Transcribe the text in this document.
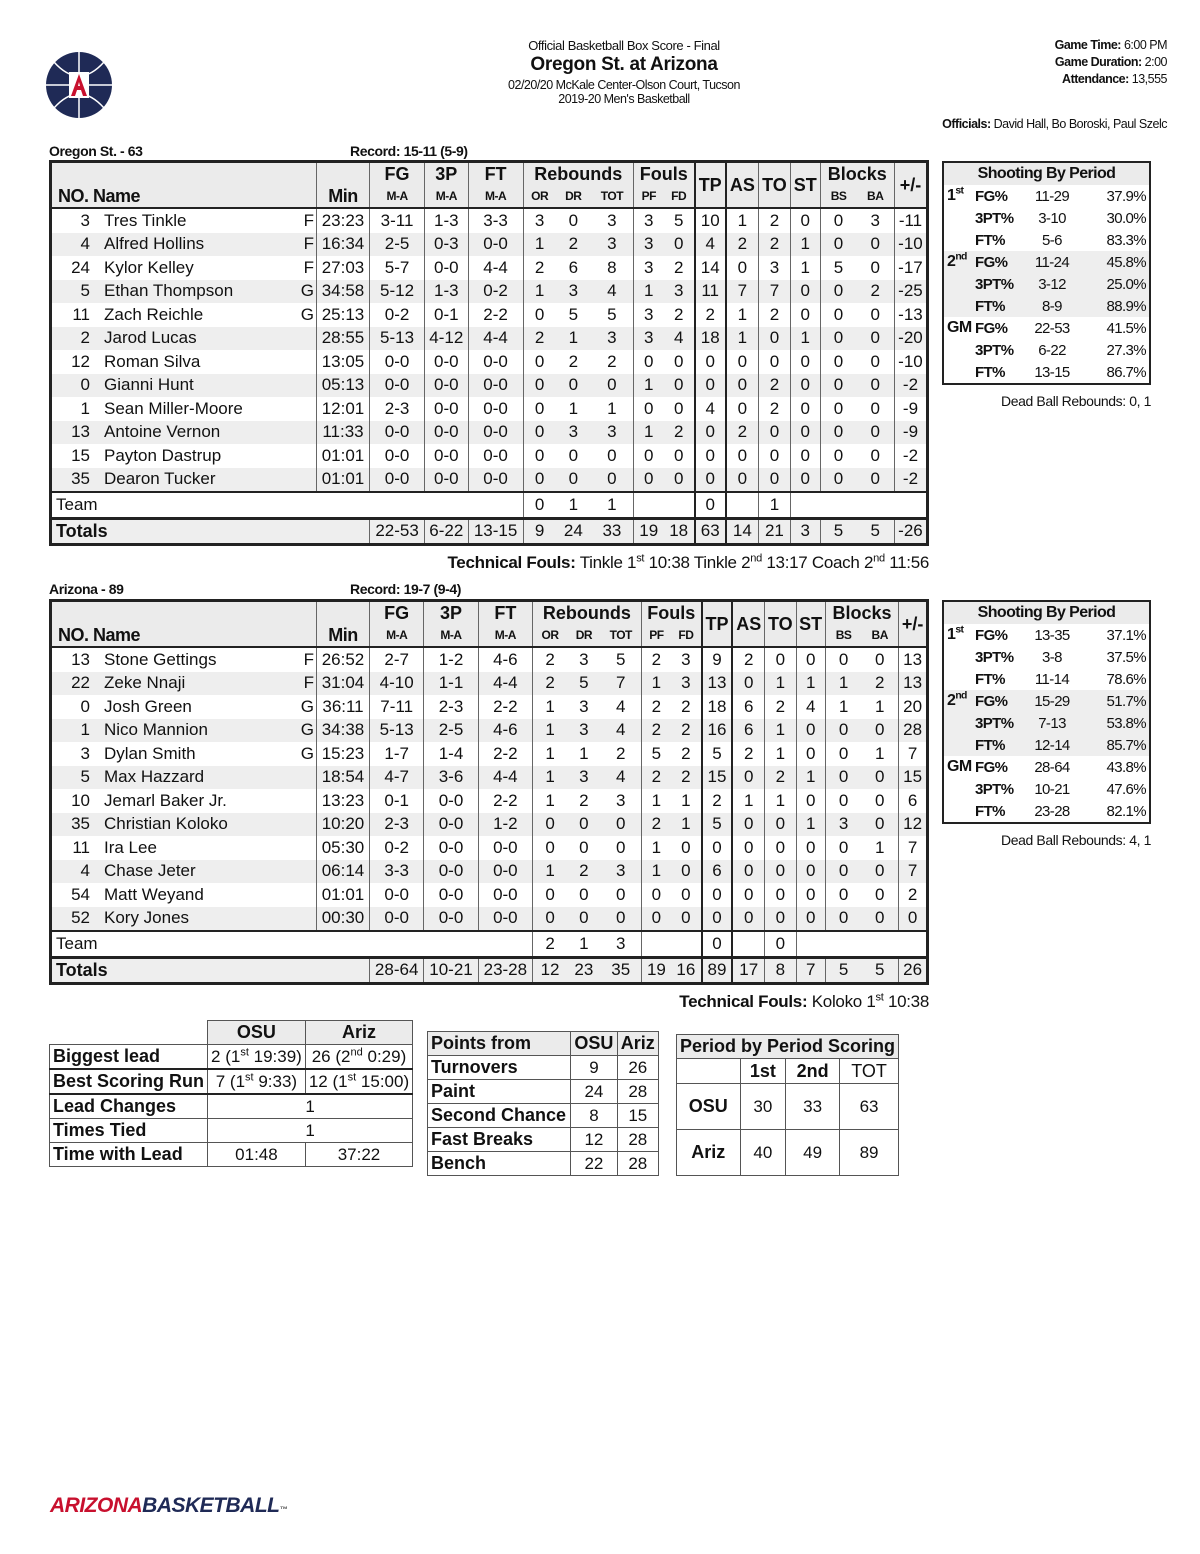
Official Basketball Box Score - Final
Oregon St. at Arizona
02/20/20 McKale Center-Olson Court, Tucson
2019-20 Men's Basketball
Game Time: 6:00 PM
Game Duration: 2:00
Attendance: 13,555
Officials: David Hall, Bo Boroski, Paul Szelc
Oregon St. - 63	Record: 15-11 (5-9)
				FG	3P	FT	Rebounds			Fouls		TP	AS	TO	ST	Blocks		+/-
NO. Name			Min	M-A	M-A	M-A	OR	DR	TOT	PF	FD					BS	BA	
3	Tres Tinkle	F	23:23	3-11	1-3	3-3	3	0	3	3	5	10	1	2	0	0	3	-11
4	Alfred Hollins	F	16:34	2-5	0-3	0-0	1	2	3	3	0	4	2	2	1	0	0	-10
24	Kylor Kelley	F	27:03	5-7	0-0	4-4	2	6	8	3	2	14	0	3	1	5	0	-17
5	Ethan Thompson	G	34:58	5-12	1-3	0-2	1	3	4	1	3	11	7	7	0	0	2	-25
11	Zach Reichle	G	25:13	0-2	0-1	2-2	0	5	5	3	2	2	1	2	0	0	0	-13
2	Jarod Lucas		28:55	5-13	4-12	4-4	2	1	3	3	4	18	1	0	1	0	0	-20
12	Roman Silva		13:05	0-0	0-0	0-0	0	2	2	0	0	0	0	0	0	0	0	-10
0	Gianni Hunt		05:13	0-0	0-0	0-0	0	0	0	1	0	0	0	2	0	0	0	-2
1	Sean Miller-Moore		12:01	2-3	0-0	0-0	0	1	1	0	0	4	0	2	0	0	0	-9
13	Antoine Vernon		11:33	0-0	0-0	0-0	0	3	3	1	2	0	2	0	0	0	0	-9
15	Payton Dastrup		01:01	0-0	0-0	0-0	0	0	0	0	0	0	0	0	0	0	0	-2
35	Dearon Tucker		01:01	0-0	0-0	0-0	0	0	0	0	0	0	0	0	0	0	0	-2
Team							0	1	1			0		1				
Totals				22-53	6-22	13-15	9	24	33	19	18	63	14	21	3	5	5	-26
Technical Fouls: Tinkle 1st 10:38 Tinkle 2nd 13:17 Coach 2nd 11:56
Shooting By Period			
1st	FG%	11-29	37.9%
	3PT%	3-10	30.0%
	FT%	5-6	83.3%
2nd	FG%	11-24	45.8%
	3PT%	3-12	25.0%
	FT%	8-9	88.9%
GM	FG%	22-53	41.5%
	3PT%	6-22	27.3%
	FT%	13-15	86.7%
Dead Ball Rebounds: 0, 1
Arizona - 89	Record: 19-7 (9-4)
				FG	3P	FT	Rebounds			Fouls		TP	AS	TO	ST	Blocks		+/-
NO. Name			Min	M-A	M-A	M-A	OR	DR	TOT	PF	FD					BS	BA	
13	Stone Gettings	F	26:52	2-7	1-2	4-6	2	3	5	2	3	9	2	0	0	0	0	13
22	Zeke Nnaji	F	31:04	4-10	1-1	4-4	2	5	7	1	3	13	0	1	1	1	2	13
0	Josh Green	G	36:11	7-11	2-3	2-2	1	3	4	2	2	18	6	2	4	1	1	20
1	Nico Mannion	G	34:38	5-13	2-5	4-6	1	3	4	2	2	16	6	1	0	0	0	28
3	Dylan Smith	G	15:23	1-7	1-4	2-2	1	1	2	5	2	5	2	1	0	0	1	7
5	Max Hazzard		18:54	4-7	3-6	4-4	1	3	4	2	2	15	0	2	1	0	0	15
10	Jemarl Baker Jr.		13:23	0-1	0-0	2-2	1	2	3	1	1	2	1	1	0	0	0	6
35	Christian Koloko		10:20	2-3	0-0	1-2	0	0	0	2	1	5	0	0	1	3	0	12
11	Ira Lee		05:30	0-2	0-0	0-0	0	0	0	1	0	0	0	0	0	0	1	7
4	Chase Jeter		06:14	3-3	0-0	0-0	1	2	3	1	0	6	0	0	0	0	0	7
54	Matt Weyand		01:01	0-0	0-0	0-0	0	0	0	0	0	0	0	0	0	0	0	2
52	Kory Jones		00:30	0-0	0-0	0-0	0	0	0	0	0	0	0	0	0	0	0	0
Team							2	1	3			0		0				
Totals				28-64	10-21	23-28	12	23	35	19	16	89	17	8	7	5	5	26
Technical Fouls: Koloko 1st 10:38
Shooting By Period			
1st	FG%	13-35	37.1%
	3PT%	3-8	37.5%
	FT%	11-14	78.6%
2nd	FG%	15-29	51.7%
	3PT%	7-13	53.8%
	FT%	12-14	85.7%
GM	FG%	28-64	43.8%
	3PT%	10-21	47.6%
	FT%	23-28	82.1%
Dead Ball Rebounds: 4, 1
	OSU	Ariz
Biggest lead	2 (1st 19:39)	26 (2nd 0:29)
Best Scoring Run	7 (1st 9:33)	12 (1st 15:00)
Lead Changes	1	
Times Tied	1	
Time with Lead	01:48	37:22
Points from	OSU	Ariz
Turnovers	9	26
Paint	24	28
Second Chance	8	15
Fast Breaks	12	28
Bench	22	28
Period by Period Scoring			
	1st	2nd	TOT
OSU	30	33	63
Ariz	40	49	89
ARIZONABASKETBALL™
